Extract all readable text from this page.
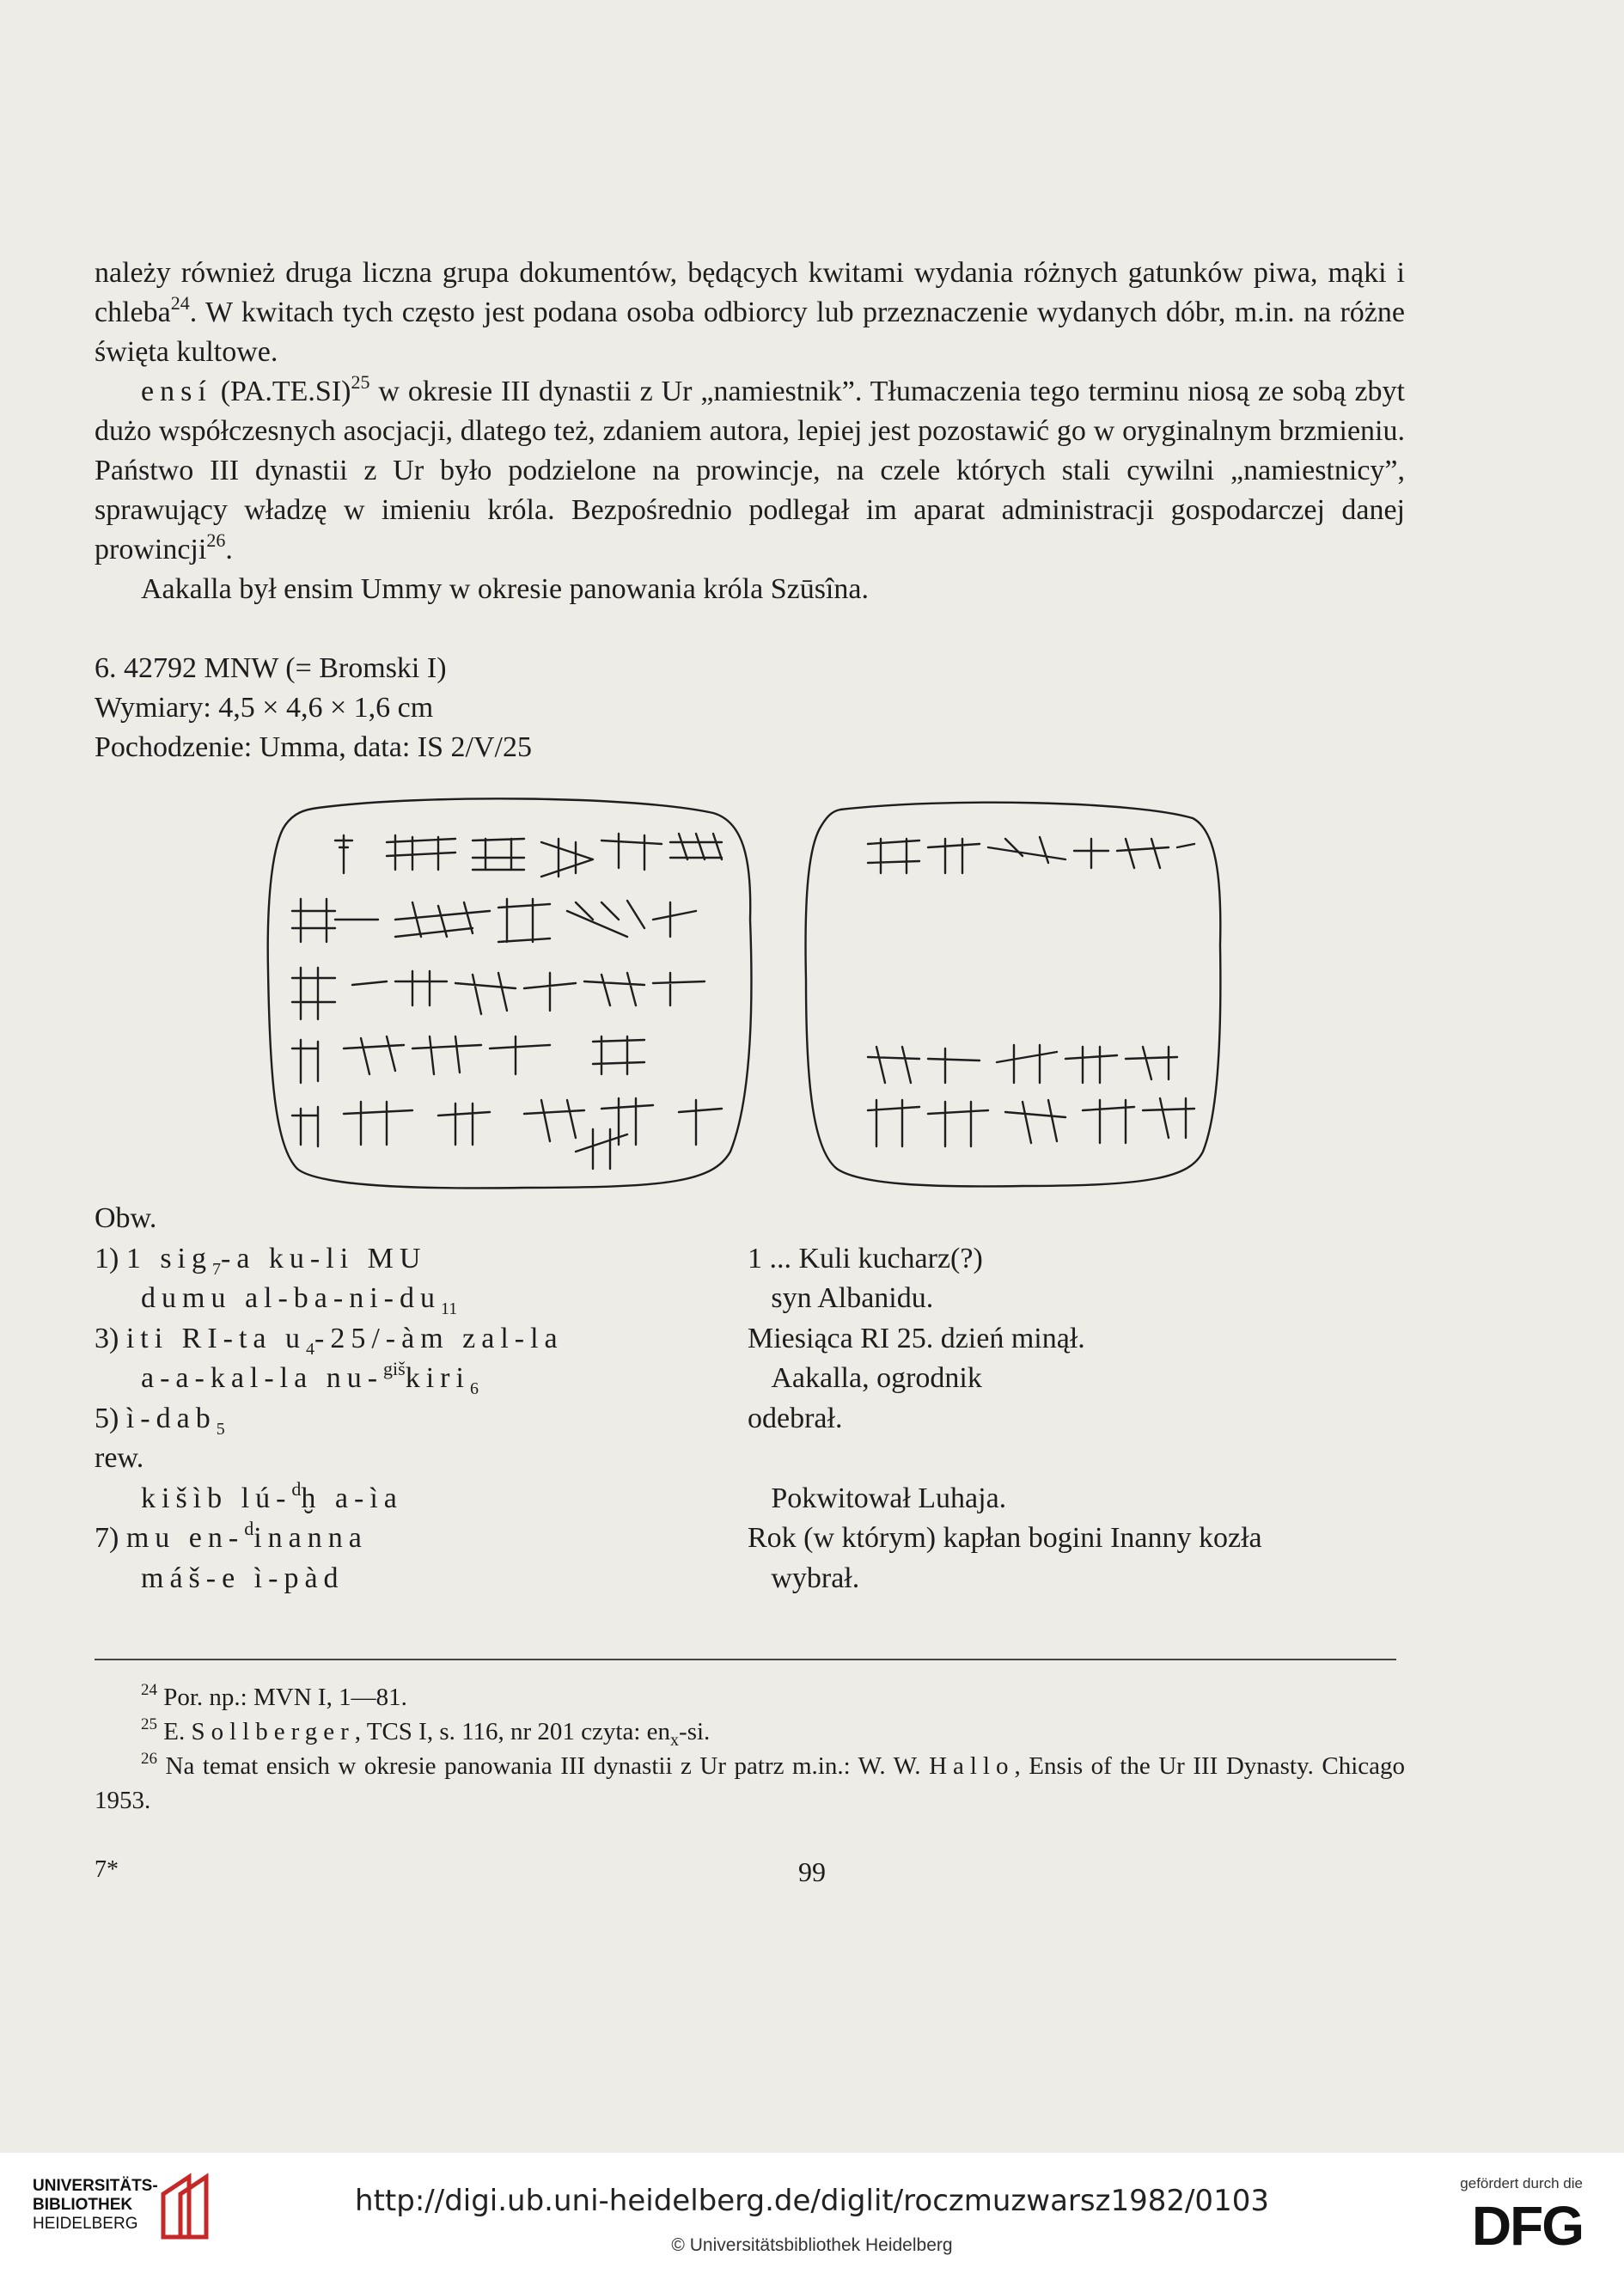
należy również druga liczna grupa dokumentów, będących kwitami wydania różnych gatunków piwa, mąki i chleba$^{24}$. W kwitach tych często jest podana osoba odbiorcy lub przeznaczenie wydanych dóbr, m.in. na różne święta kultowe.

ensí $(PA.TE.SI)^{25}$ w okresie III dynastii z Ur „namiestnik”. Tłumaczenia tego terminu niosą ze sobą zbyt dużo współczesnych asocjacji, dlatego też, zdaniem autora, lepiej jest pozostawić go w oryginalnym brzmieniu. Państwo III dynastii z Ur było podzielone na prowincje, na czele których stali cywilni „namiestnicy”, sprawujący władzę w imieniu króla. Bezpośrednio podlegał im aparat administracji gospodarczej danej prowincji$^{26}$.

Aakalla był ensim Ummy w okresie panowania króla Szūsîna.

6. 42792 MNW (= Bromski I)
Wymiary: 4,5 × 4,6 × 1,6 cm
Pochodzenie: Umma, data: IS 2/V/25
Obw.
1) 1 sig$_7$-a ku-li MU	1 ... Kuli kucharz(?)
dumu $al-ba-ni-du_{11}$	syn Albanidu.
3) iti RI-ta $u_4-25/-àm$ zal-la	Miesiąca RI 25. dzień minął.
a-a-kal-la nu-$^{giš}$kiri$_6$	Aakalla, ogrodnik
5) ì-dab$_5$	odebrał.
rew.
kišìb lú-$^d$ḫ a-ìa	Pokwitował Luhaja.
7) mu en-$^d$inanna	Rok (w którym) kapłan bogini Inanny kozła
máš-e ì-pàd	wybrał.

$^{24}$ Por. np.: MVN I, 1—81.

$^{25}$ E. Sollberger, TCS I, s. 116, nr 201 czyta: $en_x-si$.

$^{26}$ Na temat ensich w okresie panowania III dynastii z Ur patrz m.in.: W. W. Hallo, Ensis of the Ur III Dynasty. Chicago 1953.

7*	99
UNIVERSITÄTS-
BIBLIOTHEK
HEIDELBERG
http://digi.ub.uni-heidelberg.de/diglit/roczmuzwarsz1982/0103
© Universitätsbibliothek Heidelberg
gefördert durch die
DFG
